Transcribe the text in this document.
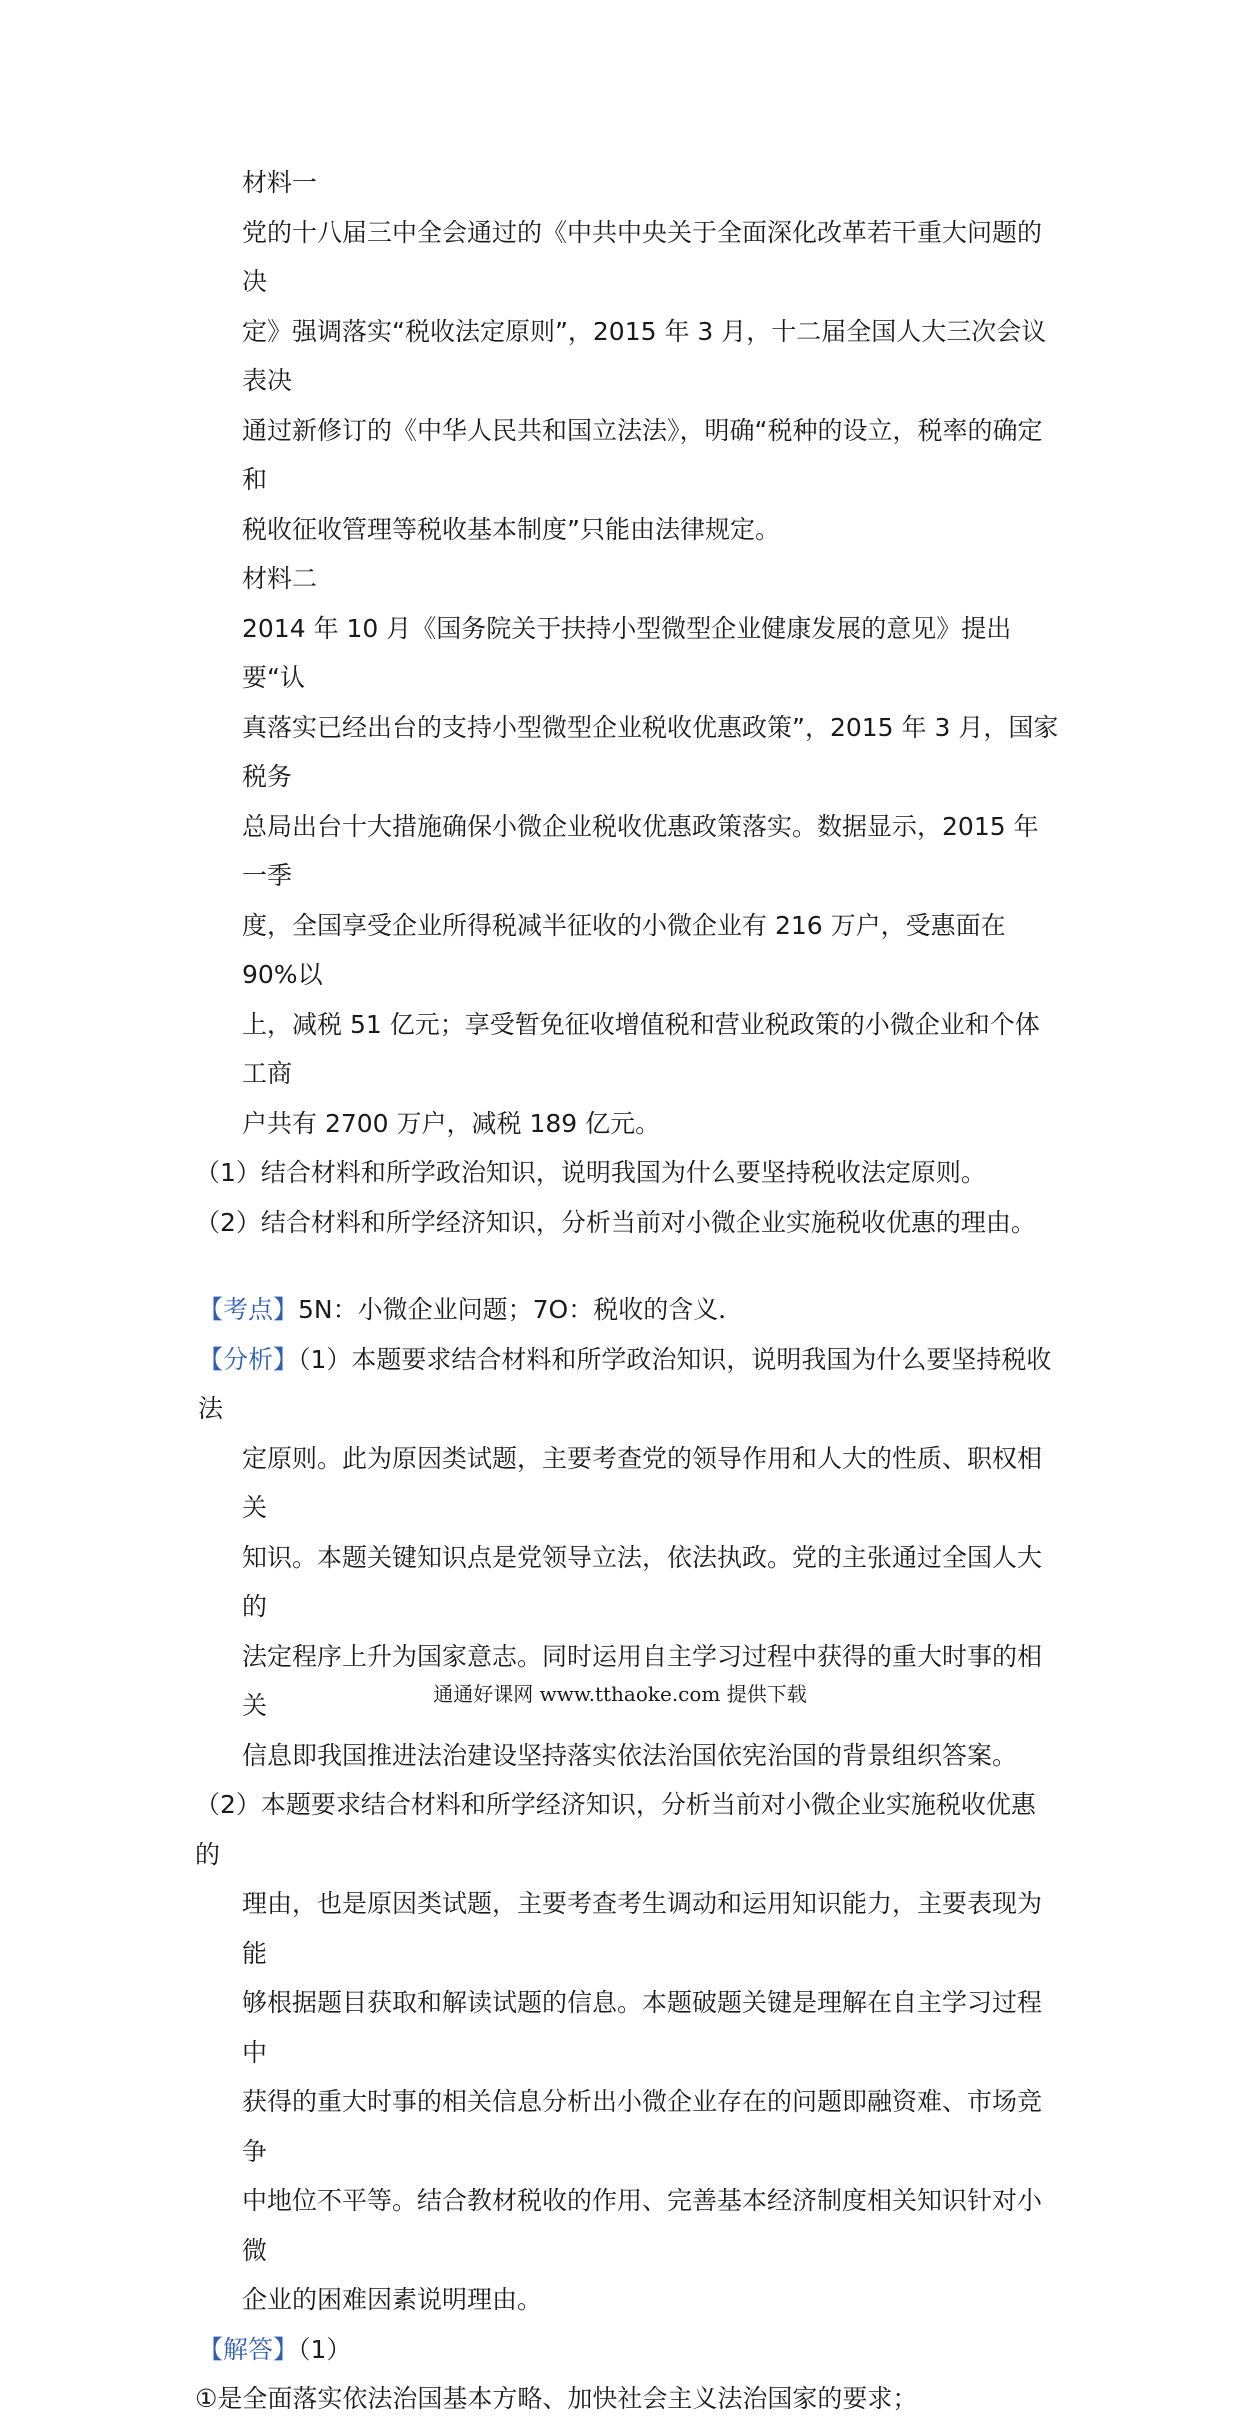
材料一

党的十八届三中全会通过的《中共中央关于全面深化改革若干重大问题的决

定》强调落实“税收法定原则”，2015 年 3 月，十二届全国人大三次会议表决

通过新修订的《中华人民共和国立法法》，明确“税种的设立，税率的确定和

税收征收管理等税收基本制度”只能由法律规定。

材料二

2014 年 10 月《国务院关于扶持小型微型企业健康发展的意见》提出要“认

真落实已经出台的支持小型微型企业税收优惠政策”，2015 年 3 月，国家税务

总局出台十大措施确保小微企业税收优惠政策落实。数据显示，2015 年一季

度，全国享受企业所得税减半征收的小微企业有 216 万户，受惠面在 90%以

上，减税 51 亿元；享受暂免征收增值税和营业税政策的小微企业和个体工商

户共有 2700 万户，减税 189 亿元。

（1）结合材料和所学政治知识，说明我国为什么要坚持税收法定原则。

（2）结合材料和所学经济知识，分析当前对小微企业实施税收优惠的理由。

【考点】5N：小微企业问题；7O：税收的含义．

【分析】（1）本题要求结合材料和所学政治知识，说明我国为什么要坚持税收法

定原则。此为原因类试题，主要考查党的领导作用和人大的性质、职权相关

知识。本题关键知识点是党领导立法，依法执政。党的主张通过全国人大的

法定程序上升为国家意志。同时运用自主学习过程中获得的重大时事的相关

信息即我国推进法治建设坚持落实依法治国依宪治国的背景组织答案。

（2）本题要求结合材料和所学经济知识，分析当前对小微企业实施税收优惠的

理由，也是原因类试题，主要考查考生调动和运用知识能力，主要表现为能

够根据题目获取和解读试题的信息。本题破题关键是理解在自主学习过程中

获得的重大时事的相关信息分析出小微企业存在的问题即融资难、市场竞争

中地位不平等。结合教材税收的作用、完善基本经济制度相关知识针对小微

企业的困难因素说明理由。

【解答】（1）

①是全面落实依法治国基本方略、加快社会主义法治国家的要求；

通通好课网 www.tthaoke.com 提供下载
